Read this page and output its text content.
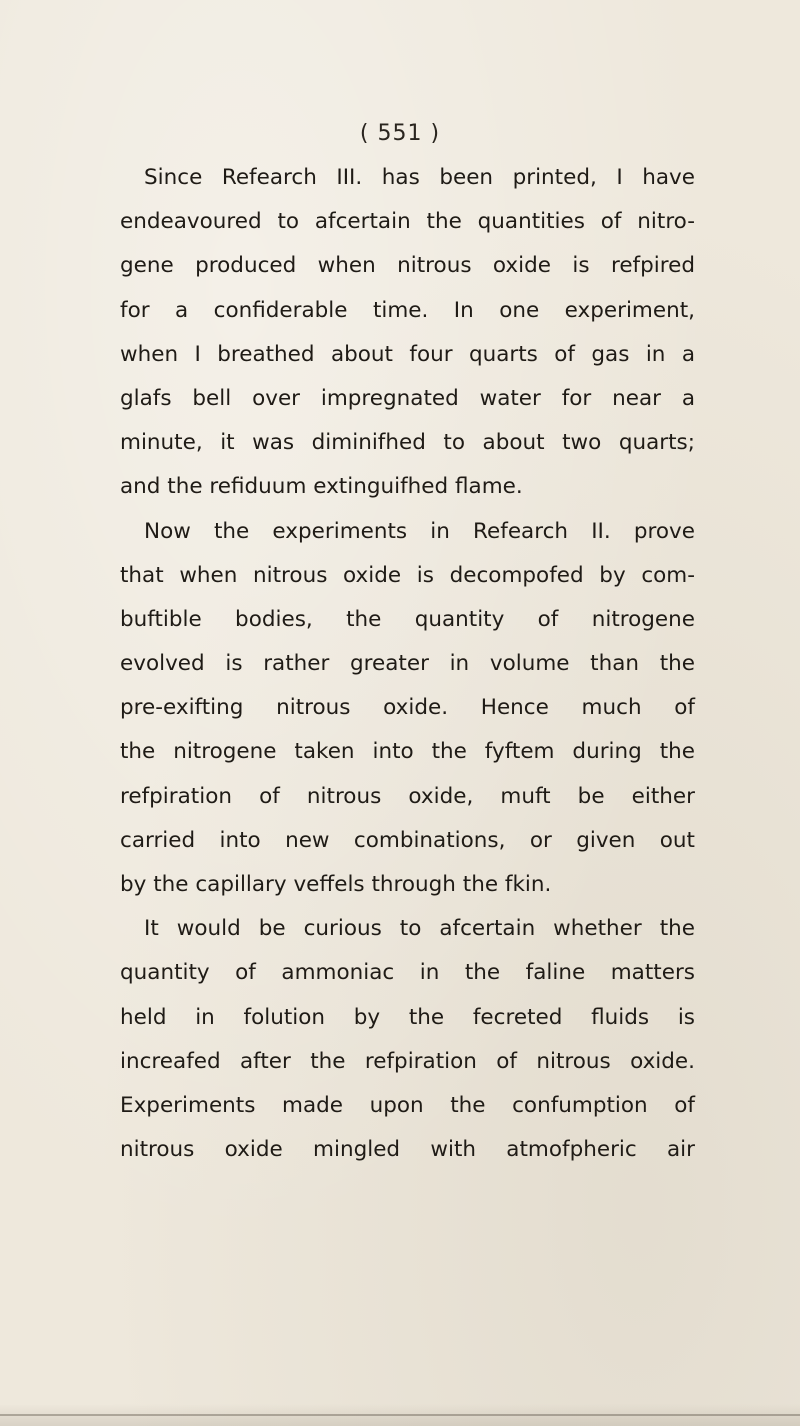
( 551 )
Since Refearch III. has been printed, I have
endeavoured to afcertain the quantities of nitro-
gene produced when nitrous oxide is refpired
for a confiderable time. In one experiment,
when I breathed about four quarts of gas in a
glafs bell over impregnated water for near a
minute, it was diminifhed to about two quarts;
and the refiduum extinguifhed flame.
Now the experiments in Refearch II. prove
that when nitrous oxide is decompofed by com-
buftible bodies, the quantity of nitrogene
evolved is rather greater in volume than the
pre-exifting nitrous oxide. Hence much of
the nitrogene taken into the fyftem during the
refpiration of nitrous oxide, muft be either
carried into new combinations, or given out
by the capillary veffels through the fkin.
It would be curious to afcertain whether the
quantity of ammoniac in the faline matters
held in folution by the fecreted fluids is
increafed after the refpiration of nitrous oxide.
Experiments made upon the confumption of
nitrous oxide mingled with atmofpheric air
